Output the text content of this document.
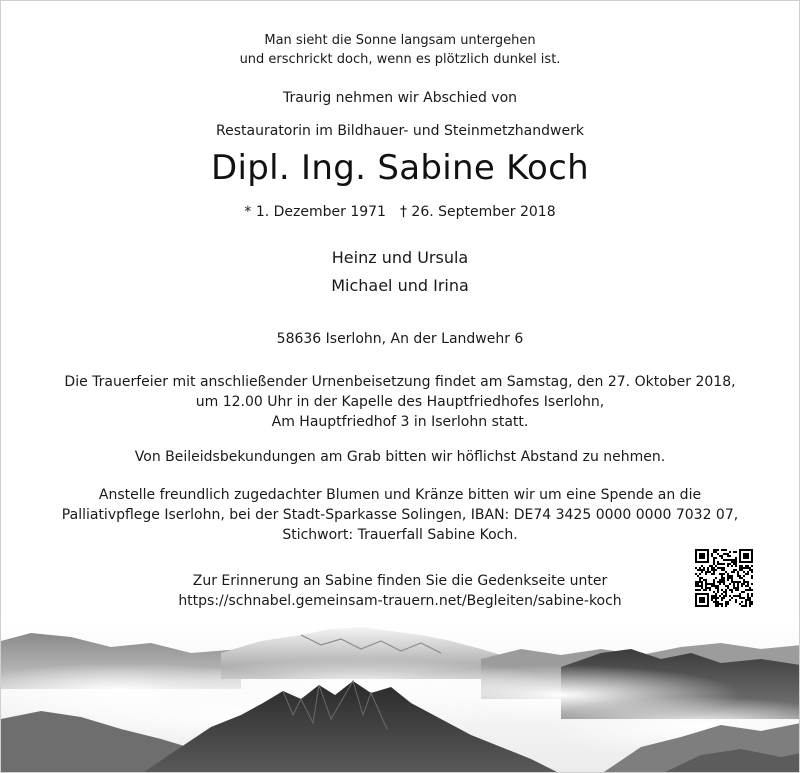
Man sieht die Sonne langsam untergehen
und erschrickt doch, wenn es plötzlich dunkel ist.
Traurig nehmen wir Abschied von
Restauratorin im Bildhauer- und Steinmetzhandwerk
Dipl. Ing. Sabine Koch
* 1. Dezember 1971 † 26. September 2018
Heinz und Ursula
Michael und Irina
58636 Iserlohn, An der Landwehr 6
Die Trauerfeier mit anschließender Urnenbeisetzung findet am Samstag, den 27. Oktober 2018,
um 12.00 Uhr in der Kapelle des Hauptfriedhofes Iserlohn,
Am Hauptfriedhof 3 in Iserlohn statt.
Von Beileidsbekundungen am Grab bitten wir höflichst Abstand zu nehmen.
Anstelle freundlich zugedachter Blumen und Kränze bitten wir um eine Spende an die
Palliativpflege Iserlohn, bei der Stadt-Sparkasse Solingen, IBAN: DE74 3425 0000 0000 7032 07,
Stichwort: Trauerfall Sabine Koch.
Zur Erinnerung an Sabine finden Sie die Gedenkseite unter
https://schnabel.gemeinsam-trauern.net/Begleiten/sabine-koch
